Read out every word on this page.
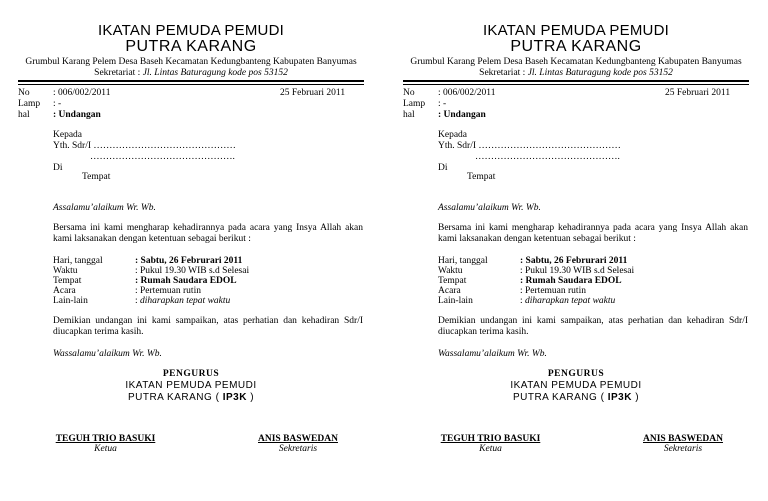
IKATAN PEMUDA PEMUDI
PUTRA KARANG
Grumbul Karang Pelem Desa Baseh Kecamatan Kedungbanteng Kabupaten Banyumas
Sekretariat : Jl. Lintas Baturagung kode pos 53152
No : 006/002/2011	25 Februari 2011
Lamp : -
hal : Undangan
Kepada
Yth. Sdr/I ………………………………………
……………………………………….
Di
Tempat
Assalamu’alaikum Wr. Wb.
Bersama ini kami mengharap kehadirannya pada acara yang Insya Allah akan kami laksanakan dengan ketentuan sebagai berikut :
Hari, tanggal	: Sabtu, 26 Februrari 2011
Waktu	: Pukul 19.30 WIB s.d Selesai
Tempat	: Rumah Saudara EDOL
Acara	: Pertemuan rutin
Lain-lain	: diharapkan tepat waktu
Demikian undangan ini kami sampaikan, atas perhatian dan kehadiran Sdr/I diucapkan terima kasih.
Wassalamu’alaikum Wr. Wb.
PENGURUS
IKATAN PEMUDA PEMUDI
PUTRA KARANG ( IP3K )
TEGUH TRIO BASUKI
Ketua
ANIS BASWEDAN
Sekretaris
IKATAN PEMUDA PEMUDI
PUTRA KARANG
Grumbul Karang Pelem Desa Baseh Kecamatan Kedungbanteng Kabupaten Banyumas
Sekretariat : Jl. Lintas Baturagung kode pos 53152
No : 006/002/2011	25 Februari 2011
Lamp : -
hal : Undangan
Kepada
Yth. Sdr/I ………………………………………
……………………………………….
Di
Tempat
Assalamu’alaikum Wr. Wb.
Bersama ini kami mengharap kehadirannya pada acara yang Insya Allah akan kami laksanakan dengan ketentuan sebagai berikut :
Hari, tanggal	: Sabtu, 26 Februrari 2011
Waktu	: Pukul 19.30 WIB s.d Selesai
Tempat	: Rumah Saudara EDOL
Acara	: Pertemuan rutin
Lain-lain	: diharapkan tepat waktu
Demikian undangan ini kami sampaikan, atas perhatian dan kehadiran Sdr/I diucapkan terima kasih.
Wassalamu’alaikum Wr. Wb.
PENGURUS
IKATAN PEMUDA PEMUDI
PUTRA KARANG ( IP3K )
TEGUH TRIO BASUKI
Ketua
ANIS BASWEDAN
Sekretaris
